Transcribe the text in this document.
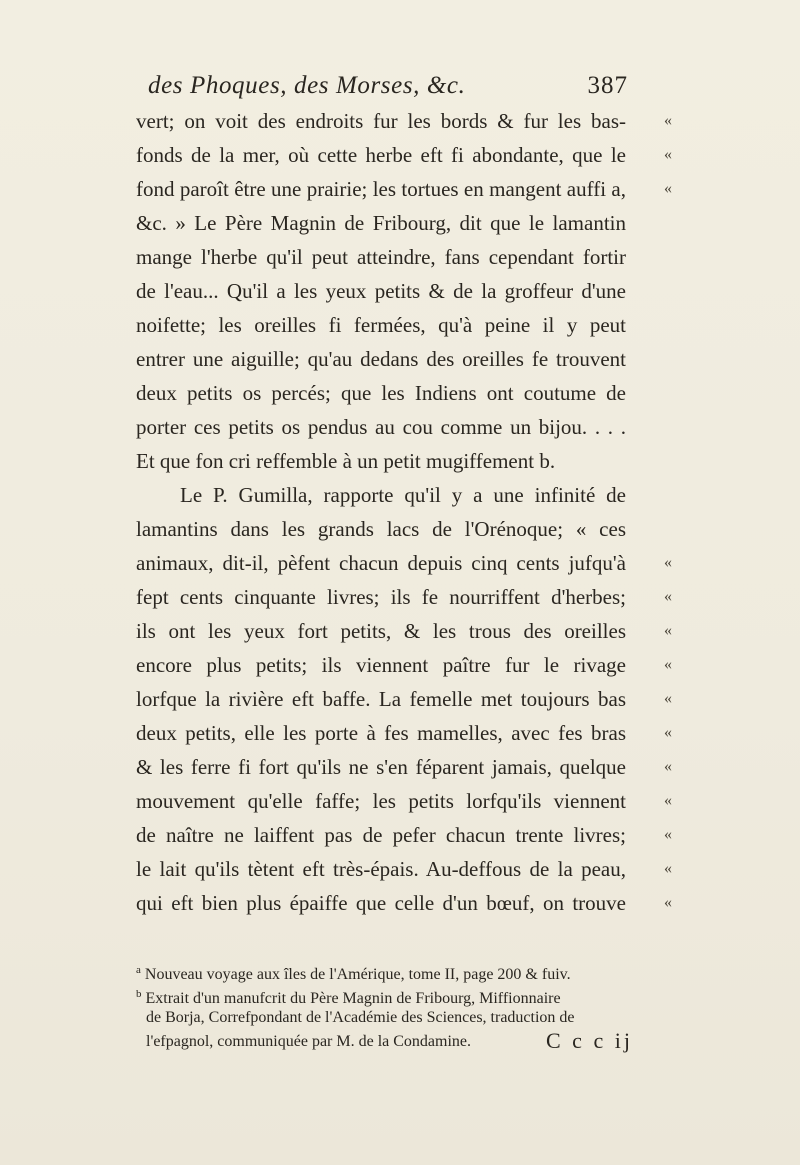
des Phoques, des Morses, &c.	387
vert; on voit des endroits fur les bords & fur les bas-
fonds de la mer, où cette herbe eft fi abondante, que le
fond paroît être une prairie; les tortues en mangent auffi a,
&c. » Le Père Magnin de Fribourg, dit que le lamantin
mange l'herbe qu'il peut atteindre, fans cependant fortir
de l'eau... Qu'il a les yeux petits & de la groffeur d'une
noifette; les oreilles fi fermées, qu'à peine il y peut
entrer une aiguille; qu'au dedans des oreilles fe trouvent
deux petits os percés; que les Indiens ont coutume de
porter ces petits os pendus au cou comme un bijou. . . .
Et que fon cri reffemble à un petit mugiffement b.
Le P. Gumilla, rapporte qu'il y a une infinité de
lamantins dans les grands lacs de l'Orénoque; « ces
animaux, dit-il, pèfent chacun depuis cinq cents jufqu'à
fept cents cinquante livres; ils fe nourriffent d'herbes;
ils ont les yeux fort petits, & les trous des oreilles
encore plus petits; ils viennent paître fur le rivage
lorfque la rivière eft baffe. La femelle met toujours bas
deux petits, elle les porte à fes mamelles, avec fes bras
& les ferre fi fort qu'ils ne s'en féparent jamais, quelque
mouvement qu'elle faffe; les petits lorfqu'ils viennent
de naître ne laiffent pas de pefer chacun trente livres;
le lait qu'ils tètent eft très-épais. Au-deffous de la peau,
qui eft bien plus épaiffe que celle d'un bœuf, on trouve
«
«
«
«
«
«
«
«
«
«
«
«
«
«
$^a$ Nouveau voyage aux îles de l'Amérique, tome II, page 200 & fuiv.
$^b$ Extrait d'un manufcrit du Père Magnin de Fribourg, Miffionnaire
de Borja, Correfpondant de l'Académie des Sciences, traduction de
l'efpagnol, communiquée par M. de la Condamine.	C c c ij
